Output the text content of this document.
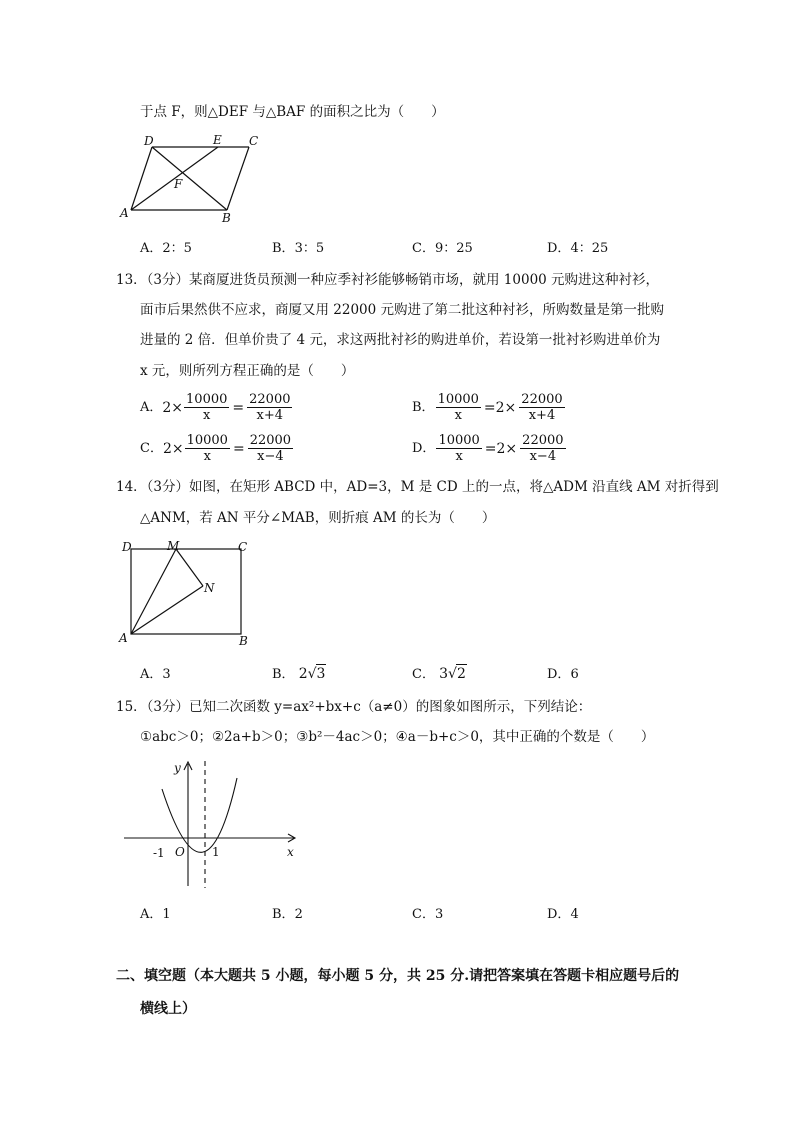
于点 F，则△DEF 与△BAF 的面积之比为（　　）
D	E C
F
A	B
A．2：5	B．3：5	C．9：25	D．4：25
13．（3分）某商厦进货员预测一种应季衬衫能够畅销市场，就用 10000 元购进这种衬衫，
面市后果然供不应求，商厦又用 22000 元购进了第二批这种衬衫，所购数量是第一批购
进量的 2 倍．但单价贵了 4 元，求这两批衬衫的购进单价，若设第一批衬衫购进单价为
x 元，则所列方程正确的是（　　）
A． $2\times \frac{10000}{x} = \frac{22000}{x+4}$	B． $\frac{10000}{x} =2\times \frac{22000}{x+4}$
C． $2\times \frac{10000}{x} = \frac{22000}{x-4}$	D． $\frac{10000}{x} =2\times \frac{22000}{x-4}$
14．（3分）如图，在矩形 ABCD 中，AD=3，M 是 CD 上的一点，将△ADM 沿直线 AM 对折得到
△ANM，若 AN 平分∠MAB，则折痕 AM 的长为（　　）
D	M	C
N
A	B
A．3	B． 2 √ 3	C． 3 √ 2	D．6
15．（3分）已知二次函数 y=ax²+bx+c（a≠0）的图象如图所示，下列结论：
①abc＞0；②2a+b＞0；③b²－4ac＞0；④a－b+c＞0，其中正确的个数是（　　）
y
x
O
-1	1
A．1	B．2	C．3	D．4
二、填空题（本大题共 5 小题，每小题 5 分，共 25 分.请把答案填在答题卡相应题号后的
横线上）
